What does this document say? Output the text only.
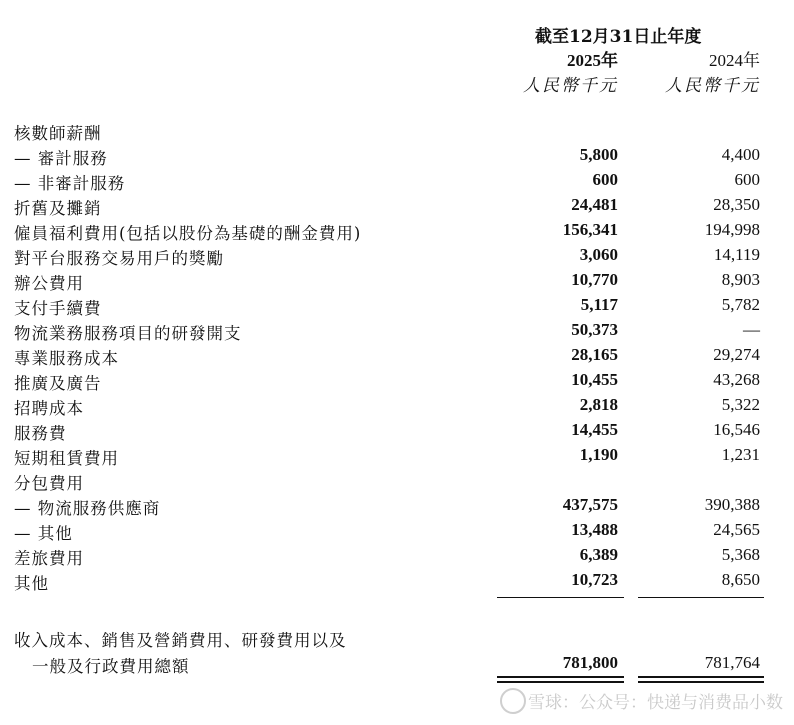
截至12月31日止年度
2025年	2024年
人民幣千元	人民幣千元
核數師薪酬
— 審計服務	5,800	4,400
— 非審計服務	600	600
折舊及攤銷	24,481	28,350
僱員福利費用(包括以股份為基礎的酬金費用)	156,341	194,998
對平台服務交易用戶的獎勵	3,060	14,119
辦公費用	10,770	8,903
支付手續費	5,117	5,782
物流業務服務項目的研發開支	50,373	—
專業服務成本	28,165	29,274
推廣及廣告	10,455	43,268
招聘成本	2,818	5,322
服務費	14,455	16,546
短期租賃費用	1,190	1,231
分包費用
— 物流服務供應商	437,575	390,388
— 其他	13,488	24,565
差旅費用	6,389	5,368
其他	10,723	8,650
收入成本、銷售及營銷費用、研發費用以及
一般及行政費用總額	781,800	781,764
雪球：公众号：快递与消费品小数
